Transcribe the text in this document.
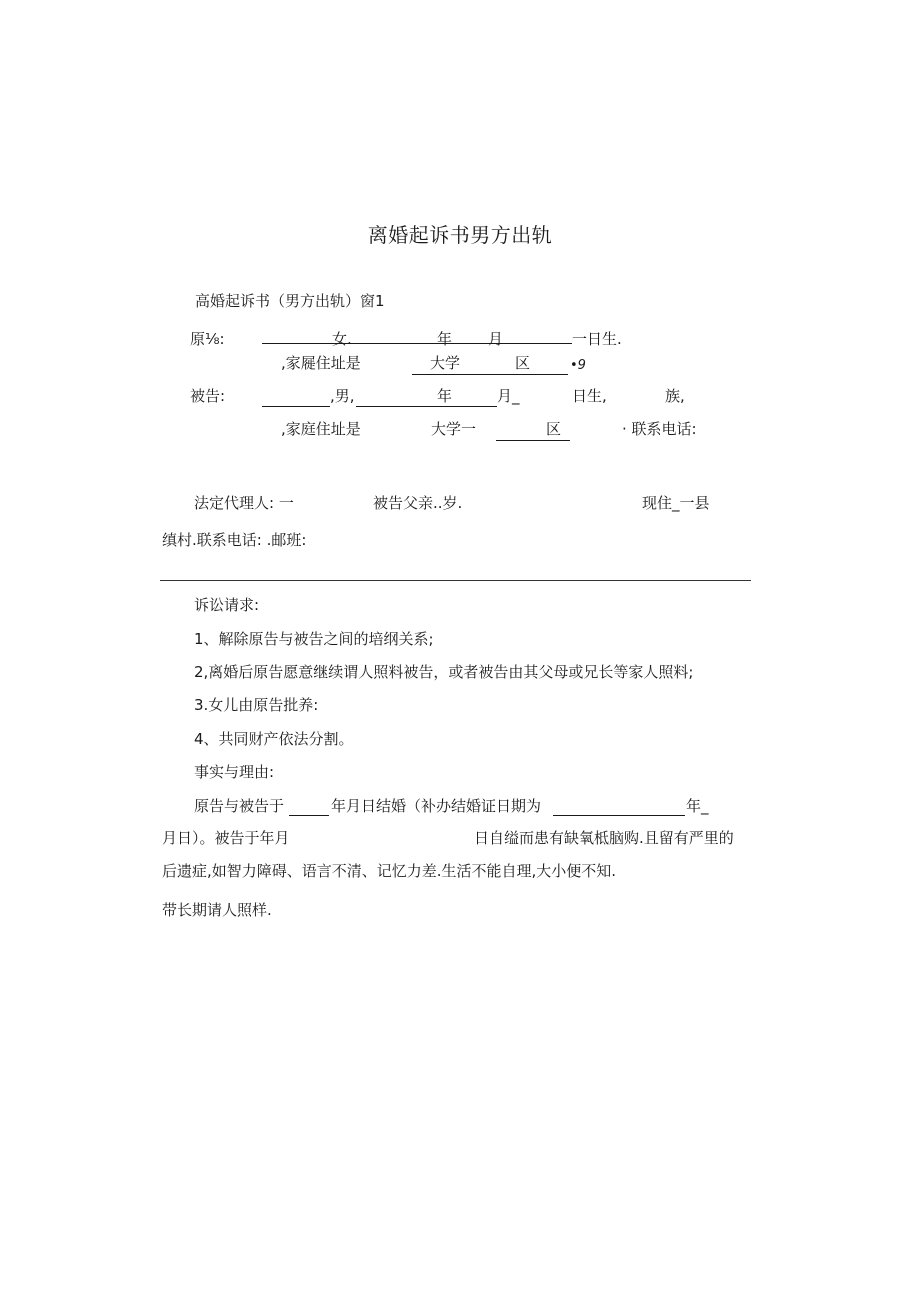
离婚起诉书男方出轨
高婚起诉书（男方出轨）窗1
原⅛:	女.	年 月	一日生.
,家屣住址是	大学	区	•9
被告:	,男,	年	月_	日生,	族,
,家庭住址是	大学一	区	· 联系电话:
法定代理人: 一	被告父亲..岁.	现住_一县
缜村.联系电话: .邮班:
诉讼请求:
1、解除原告与被告之间的培纲关系;
2,离婚后原告愿意继续谓人照料被告，或者被告由其父母或兄长等家人照料;
3.女儿由原告批养:
4、共同财产依法分割。
事实与理由:
原告与被告于	年月日结婚（补办结婚证日期为	年_
月日）。被告于年月	日自缢而患有缺氧柢脑购.且留有严里的
后遗症,如智力障碍、语言不清、记忆力差.生活不能自理,大小便不知.
带长期请人照样.
